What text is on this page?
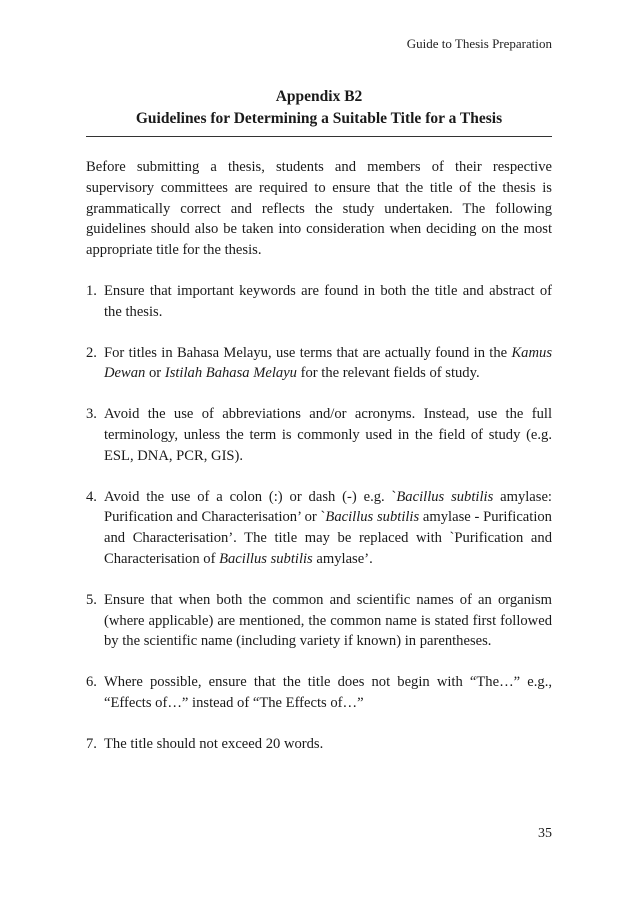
Guide to Thesis Preparation
Appendix B2
Guidelines for Determining a Suitable Title for a Thesis

Before submitting a thesis, students and members of their respective supervisory committees are required to ensure that the title of the thesis is grammatically correct and reflects the study undertaken. The following guidelines should also be taken into consideration when deciding on the most appropriate title for the thesis.

1. Ensure that important keywords are found in both the title and abstract of the thesis.
2. For titles in Bahasa Melayu, use terms that are actually found in the Kamus Dewan or Istilah Bahasa Melayu for the relevant fields of study.
3. Avoid the use of abbreviations and/or acronyms. Instead, use the full terminology, unless the term is commonly used in the field of study (e.g. ESL, DNA, PCR, GIS).
4. Avoid the use of a colon (:) or dash (-) e.g. `Bacillus subtilis amylase: Purification and Characterisation’ or `Bacillus subtilis amylase - Purification and Characterisation’. The title may be replaced with `Purification and Characterisation of Bacillus subtilis amylase’.
5. Ensure that when both the common and scientific names of an organism (where applicable) are mentioned, the common name is stated first followed by the scientific name (including variety if known) in parentheses.
6. Where possible, ensure that the title does not begin with “The…” e.g., “Effects of…” instead of “The Effects of…”
7. The title should not exceed 20 words.
35
